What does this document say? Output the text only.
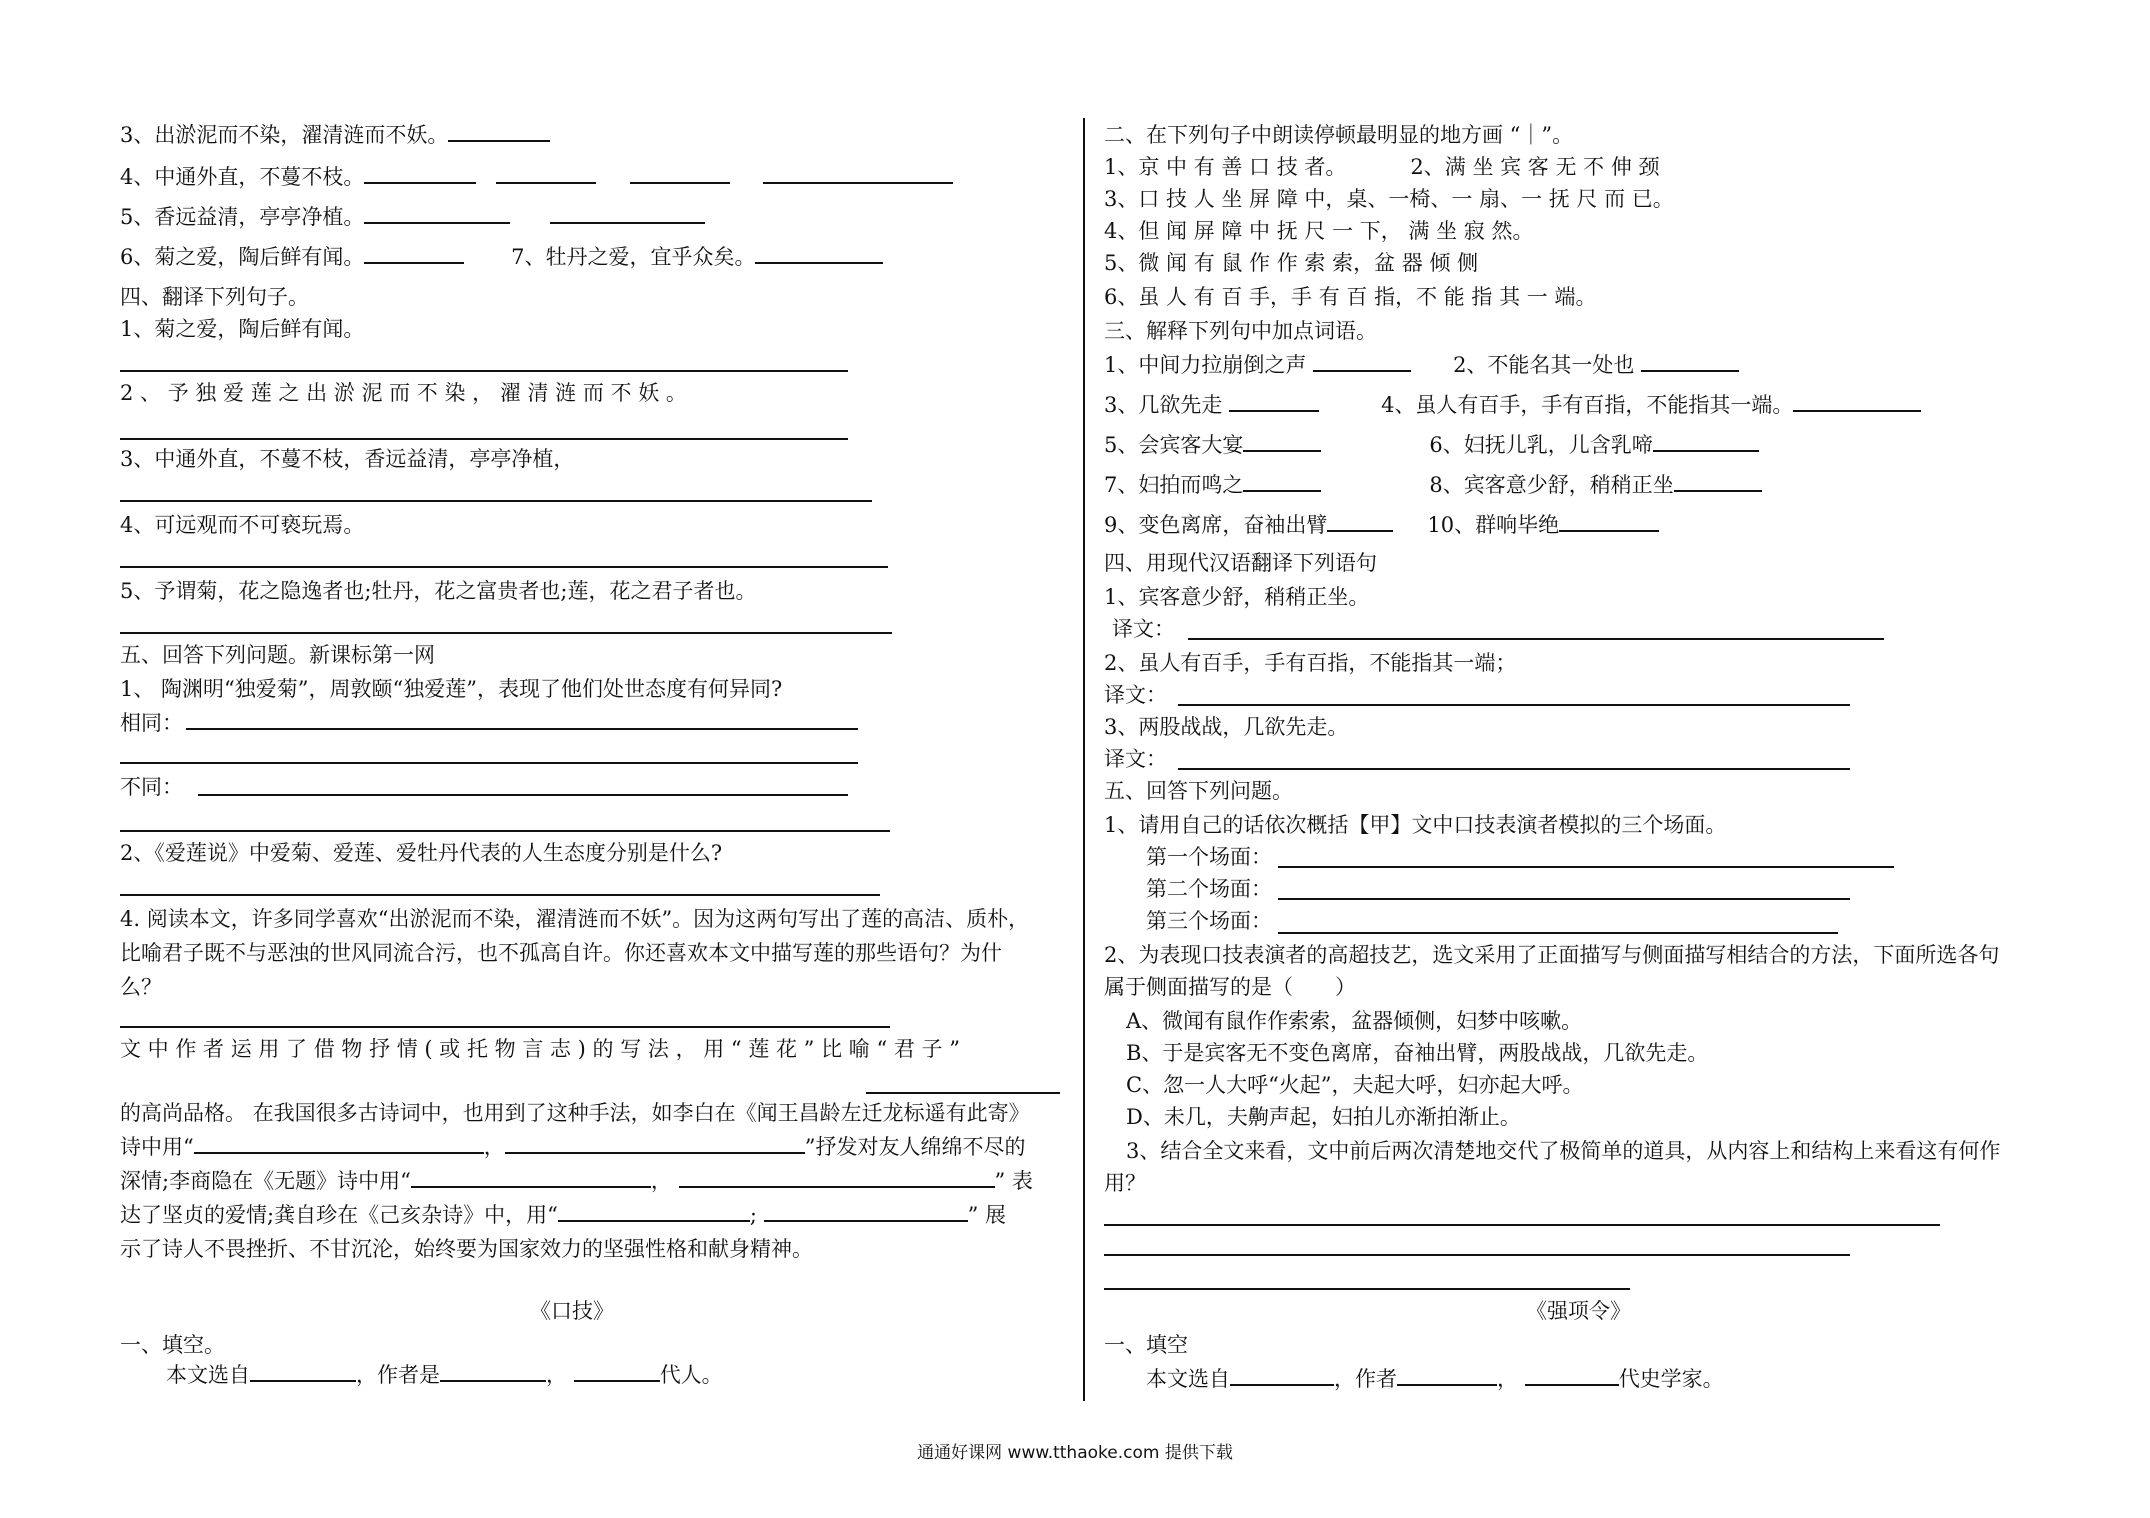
3、出淤泥而不染，濯清涟而不妖。
4、中通外直，不蔓不枝。
5、香远益清，亭亭净植。
6、菊之爱，陶后鲜有闻。	7、牡丹之爱，宜乎众矣。
四、翻译下列句子。
1、菊之爱，陶后鲜有闻。
2 、 予 独 爱 莲 之 出 淤 泥 而 不 染 ， 濯 清 涟 而 不 妖 。
3、中通外直，不蔓不枝，香远益清，亭亭净植，
4、可远观而不可亵玩焉。
5、予谓菊，花之隐逸者也;牡丹，花之富贵者也;莲，花之君子者也。
五、回答下列问题。新课标第一网
1、 陶渊明“独爱菊”，周敦颐“独爱莲”，表现了他们处世态度有何异同?
相同：
不同：
2、《爱莲说》中爱菊、爱莲、爱牡丹代表的人生态度分别是什么?
4. 阅读本文，许多同学喜欢“出淤泥而不染，濯清涟而不妖”。因为这两句写出了莲的高洁、质朴，
比喻君子既不与恶浊的世风同流合污，也不孤高自许。你还喜欢本文中描写莲的那些语句？为什
么？
文 中 作 者 运 用 了 借 物 抒 情 ( 或 托 物 言 志 ) 的 写 法 ， 用 “ 莲 花 ” 比 喻 “ 君 子 ”
的高尚品格。 在我国很多古诗词中，也用到了这种手法，如李白在《闻王昌龄左迁龙标遥有此寄》
诗中用“	，	”抒发对友人绵绵不尽的
深情;李商隐在《无题》诗中用“	，	” 表
达了坚贞的爱情;龚自珍在《己亥杂诗》中，用“	;	” 展
示了诗人不畏挫折、不甘沉沦，始终要为国家效力的坚强性格和献身精神。
《口技》
一、填空。
本文选自	，作者是	，	代人。
二、在下列句子中朗读停顿最明显的地方画 “｜”。
1、京 中 有 善 口 技 者。	2、满 坐 宾 客 无 不 伸 颈
3、口 技 人 坐 屏 障 中，桌、一椅、一 扇、一 抚 尺 而 已。
4、但 闻 屏 障 中 抚 尺 一 下， 满 坐 寂 然。
5、微 闻 有 鼠 作 作 索 索，盆 器 倾 侧
6、虽 人 有 百 手，手 有 百 指，不 能 指 其 一 端。
三、解释下列句中加点词语。
1、中间力拉崩倒之声	2、不能名其一处也
3、几欲先走	4、虽人有百手，手有百指，不能指其一端。
5、会宾客大宴	6、妇抚儿乳，儿含乳啼
7、妇拍而鸣之	8、宾客意少舒，稍稍正坐
9、变色离席，奋袖出臂	10、群响毕绝
四、用现代汉语翻译下列语句
1、宾客意少舒，稍稍正坐。
译文：
2、虽人有百手，手有百指，不能指其一端；
译文：
3、两股战战，几欲先走。
译文：
五、回答下列问题。
1、请用自己的话依次概括【甲】文中口技表演者模拟的三个场面。
第一个场面：
第二个场面：
第三个场面：
2、为表现口技表演者的高超技艺，选文采用了正面描写与侧面描写相结合的方法，下面所选各句
属于侧面描写的是（　　）
A、微闻有鼠作作索索，盆器倾侧，妇梦中咳嗽。
B、于是宾客无不变色离席，奋袖出臂，两股战战，几欲先走。
C、忽一人大呼“火起”，夫起大呼，妇亦起大呼。
D、未几，夫齁声起，妇拍儿亦渐拍渐止。
3、结合全文来看，文中前后两次清楚地交代了极简单的道具，从内容上和结构上来看这有何作
用？
《强项令》
一、填空
本文选自	，作者	，	代史学家。
通通好课网 www.tthaoke.com 提供下载
